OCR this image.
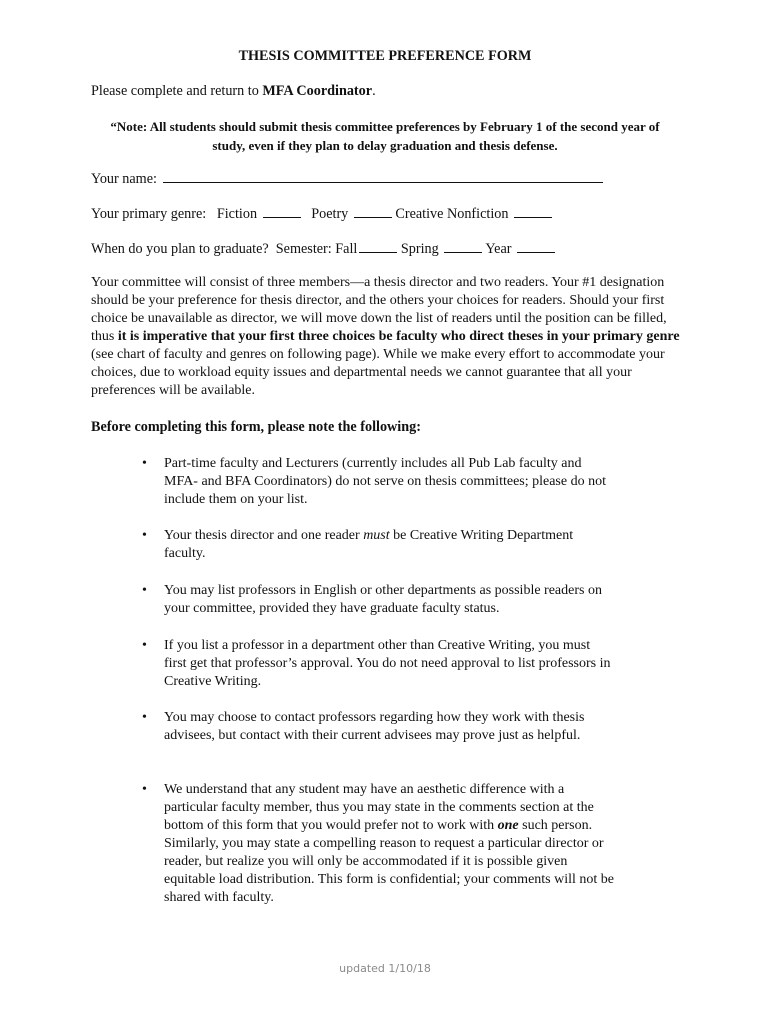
THESIS COMMITTEE PREFERENCE FORM
Please complete and return to MFA Coordinator.
“Note: All students should submit thesis committee preferences by February 1 of the second year of study, even if they plan to delay graduation and thesis defense.
Your name:
Your primary genre: Fiction	Poetry	Creative Nonfiction
When do you plan to graduate? Semester: Fall	Spring	Year
Your committee will consist of three members—a thesis director and two readers. Your #1 designation should be your preference for thesis director, and the others your choices for readers. Should your first choice be unavailable as director, we will move down the list of readers until the position can be filled, thus it is imperative that your first three choices be faculty who direct theses in your primary genre (see chart of faculty and genres on following page). While we make every effort to accommodate your choices, due to workload equity issues and departmental needs we cannot guarantee that all your preferences will be available.
Before completing this form, please note the following:
• Part-time faculty and Lecturers (currently includes all Pub Lab faculty and MFA- and BFA Coordinators) do not serve on thesis committees; please do not include them on your list.
• Your thesis director and one reader must be Creative Writing Department faculty.
• You may list professors in English or other departments as possible readers on your committee, provided they have graduate faculty status.
• If you list a professor in a department other than Creative Writing, you must first get that professor’s approval. You do not need approval to list professors in Creative Writing.
• You may choose to contact professors regarding how they work with thesis advisees, but contact with their current advisees may prove just as helpful.
• We understand that any student may have an aesthetic difference with a particular faculty member, thus you may state in the comments section at the bottom of this form that you would prefer not to work with one such person. Similarly, you may state a compelling reason to request a particular director or reader, but realize you will only be accommodated if it is possible given equitable load distribution. This form is confidential; your comments will not be shared with faculty.
updated 1/10/18
